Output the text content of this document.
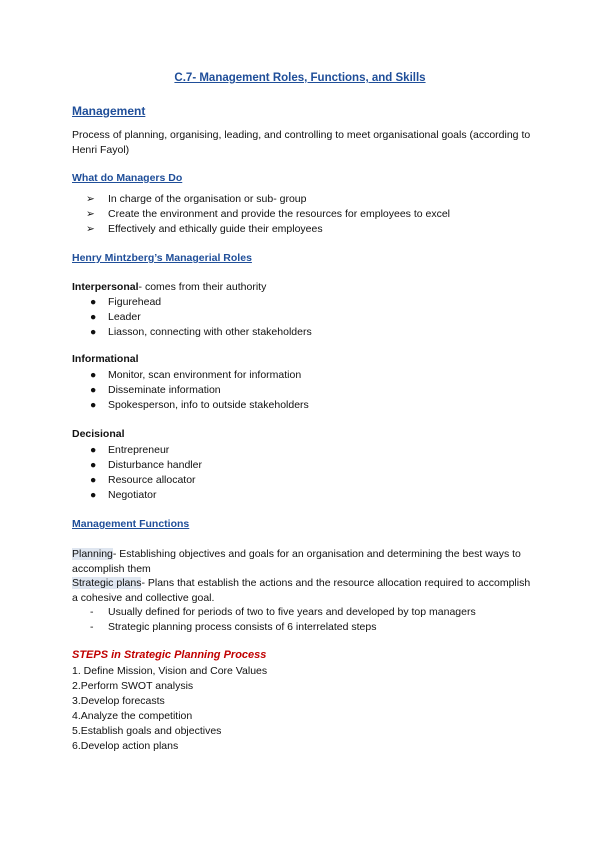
C.7- Management Roles, Functions, and Skills
Management
Process of planning, organising, leading, and controlling to meet organisational goals (according to Henri Fayol)
What do Managers Do
➢ In charge of the organisation or sub- group
➢ Create the environment and provide the resources for employees to excel
➢ Effectively and ethically guide their employees
Henry Mintzberg’s Managerial Roles
Interpersonal- comes from their authority
● Figurehead
● Leader
● Liasson, connecting with other stakeholders
Informational
● Monitor, scan environment for information
● Disseminate information
● Spokesperson, info to outside stakeholders
Decisional
● Entrepreneur
● Disturbance handler
● Resource allocator
● Negotiator
Management Functions
Planning- Establishing objectives and goals for an organisation and determining the best ways to accomplish them
Strategic plans- Plans that establish the actions and the resource allocation required to accomplish a cohesive and collective goal.
- Usually defined for periods of two to five years and developed by top managers
- Strategic planning process consists of 6 interrelated steps
STEPS in Strategic Planning Process
1. Define Mission, Vision and Core Values
2.Perform SWOT analysis
3.Develop forecasts
4.Analyze the competition
5.Establish goals and objectives
6.Develop action plans
